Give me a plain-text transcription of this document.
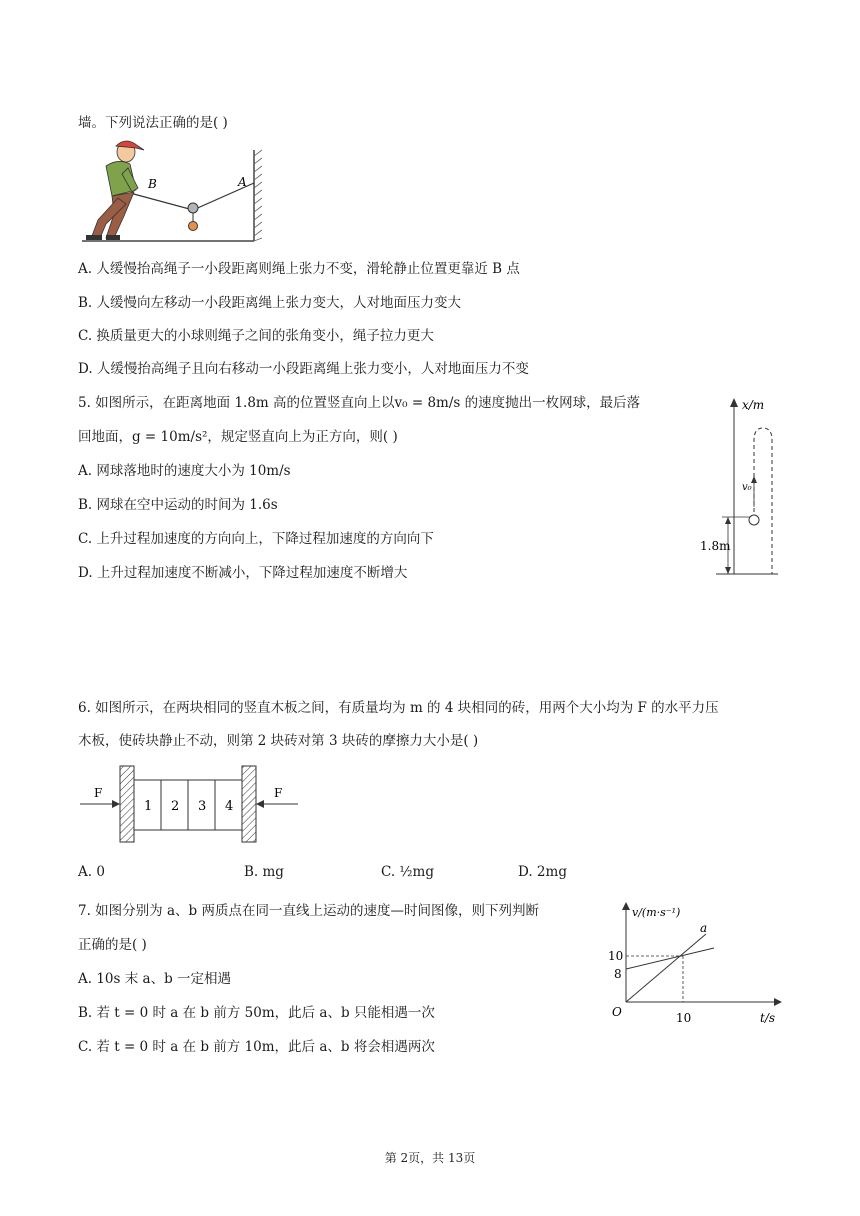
墙。下列说法正确的是( )
B	A
A. 人缓慢抬高绳子一小段距离则绳上张力不变，滑轮静止位置更靠近 B 点
B. 人缓慢向左移动一小段距离绳上张力变大，人对地面压力变大
C. 换质量更大的小球则绳子之间的张角变小，绳子拉力更大
D. 人缓慢抬高绳子且向右移动一小段距离绳上张力变小，人对地面压力不变
5. 如图所示，在距离地面 1.8m 高的位置竖直向上以v₀ = 8m/s 的速度抛出一枚网球，最后落
回地面，g = 10m/s²，规定竖直向上为正方向，则( )
A. 网球落地时的速度大小为 10m/s
B. 网球在空中运动的时间为 1.6s
C. 上升过程加速度的方向向上，下降过程加速度的方向向下
D. 上升过程加速度不断减小，下降过程加速度不断增大
x/m
1.8m
v₀
6. 如图所示，在两块相同的竖直木板之间，有质量均为 m 的 4 块相同的砖，用两个大小均为 F 的水平力压
木板，使砖块静止不动，则第 2 块砖对第 3 块砖的摩擦力大小是( )
1 2 3 4
F	F
A. 0	B. mg	C. ½mg	D. 2mg
7. 如图分别为 a、b 两质点在同一直线上运动的速度—时间图像，则下列判断
正确的是( )
A. 10s 末 a、b 一定相遇
B. 若 t = 0 时 a 在 b 前方 50m，此后 a、b 只能相遇一次
C. 若 t = 0 时 a 在 b 前方 10m，此后 a、b 将会相遇两次
v/(m·s⁻¹)
t/s
O
10
8
10
a
第 2页，共 13页
